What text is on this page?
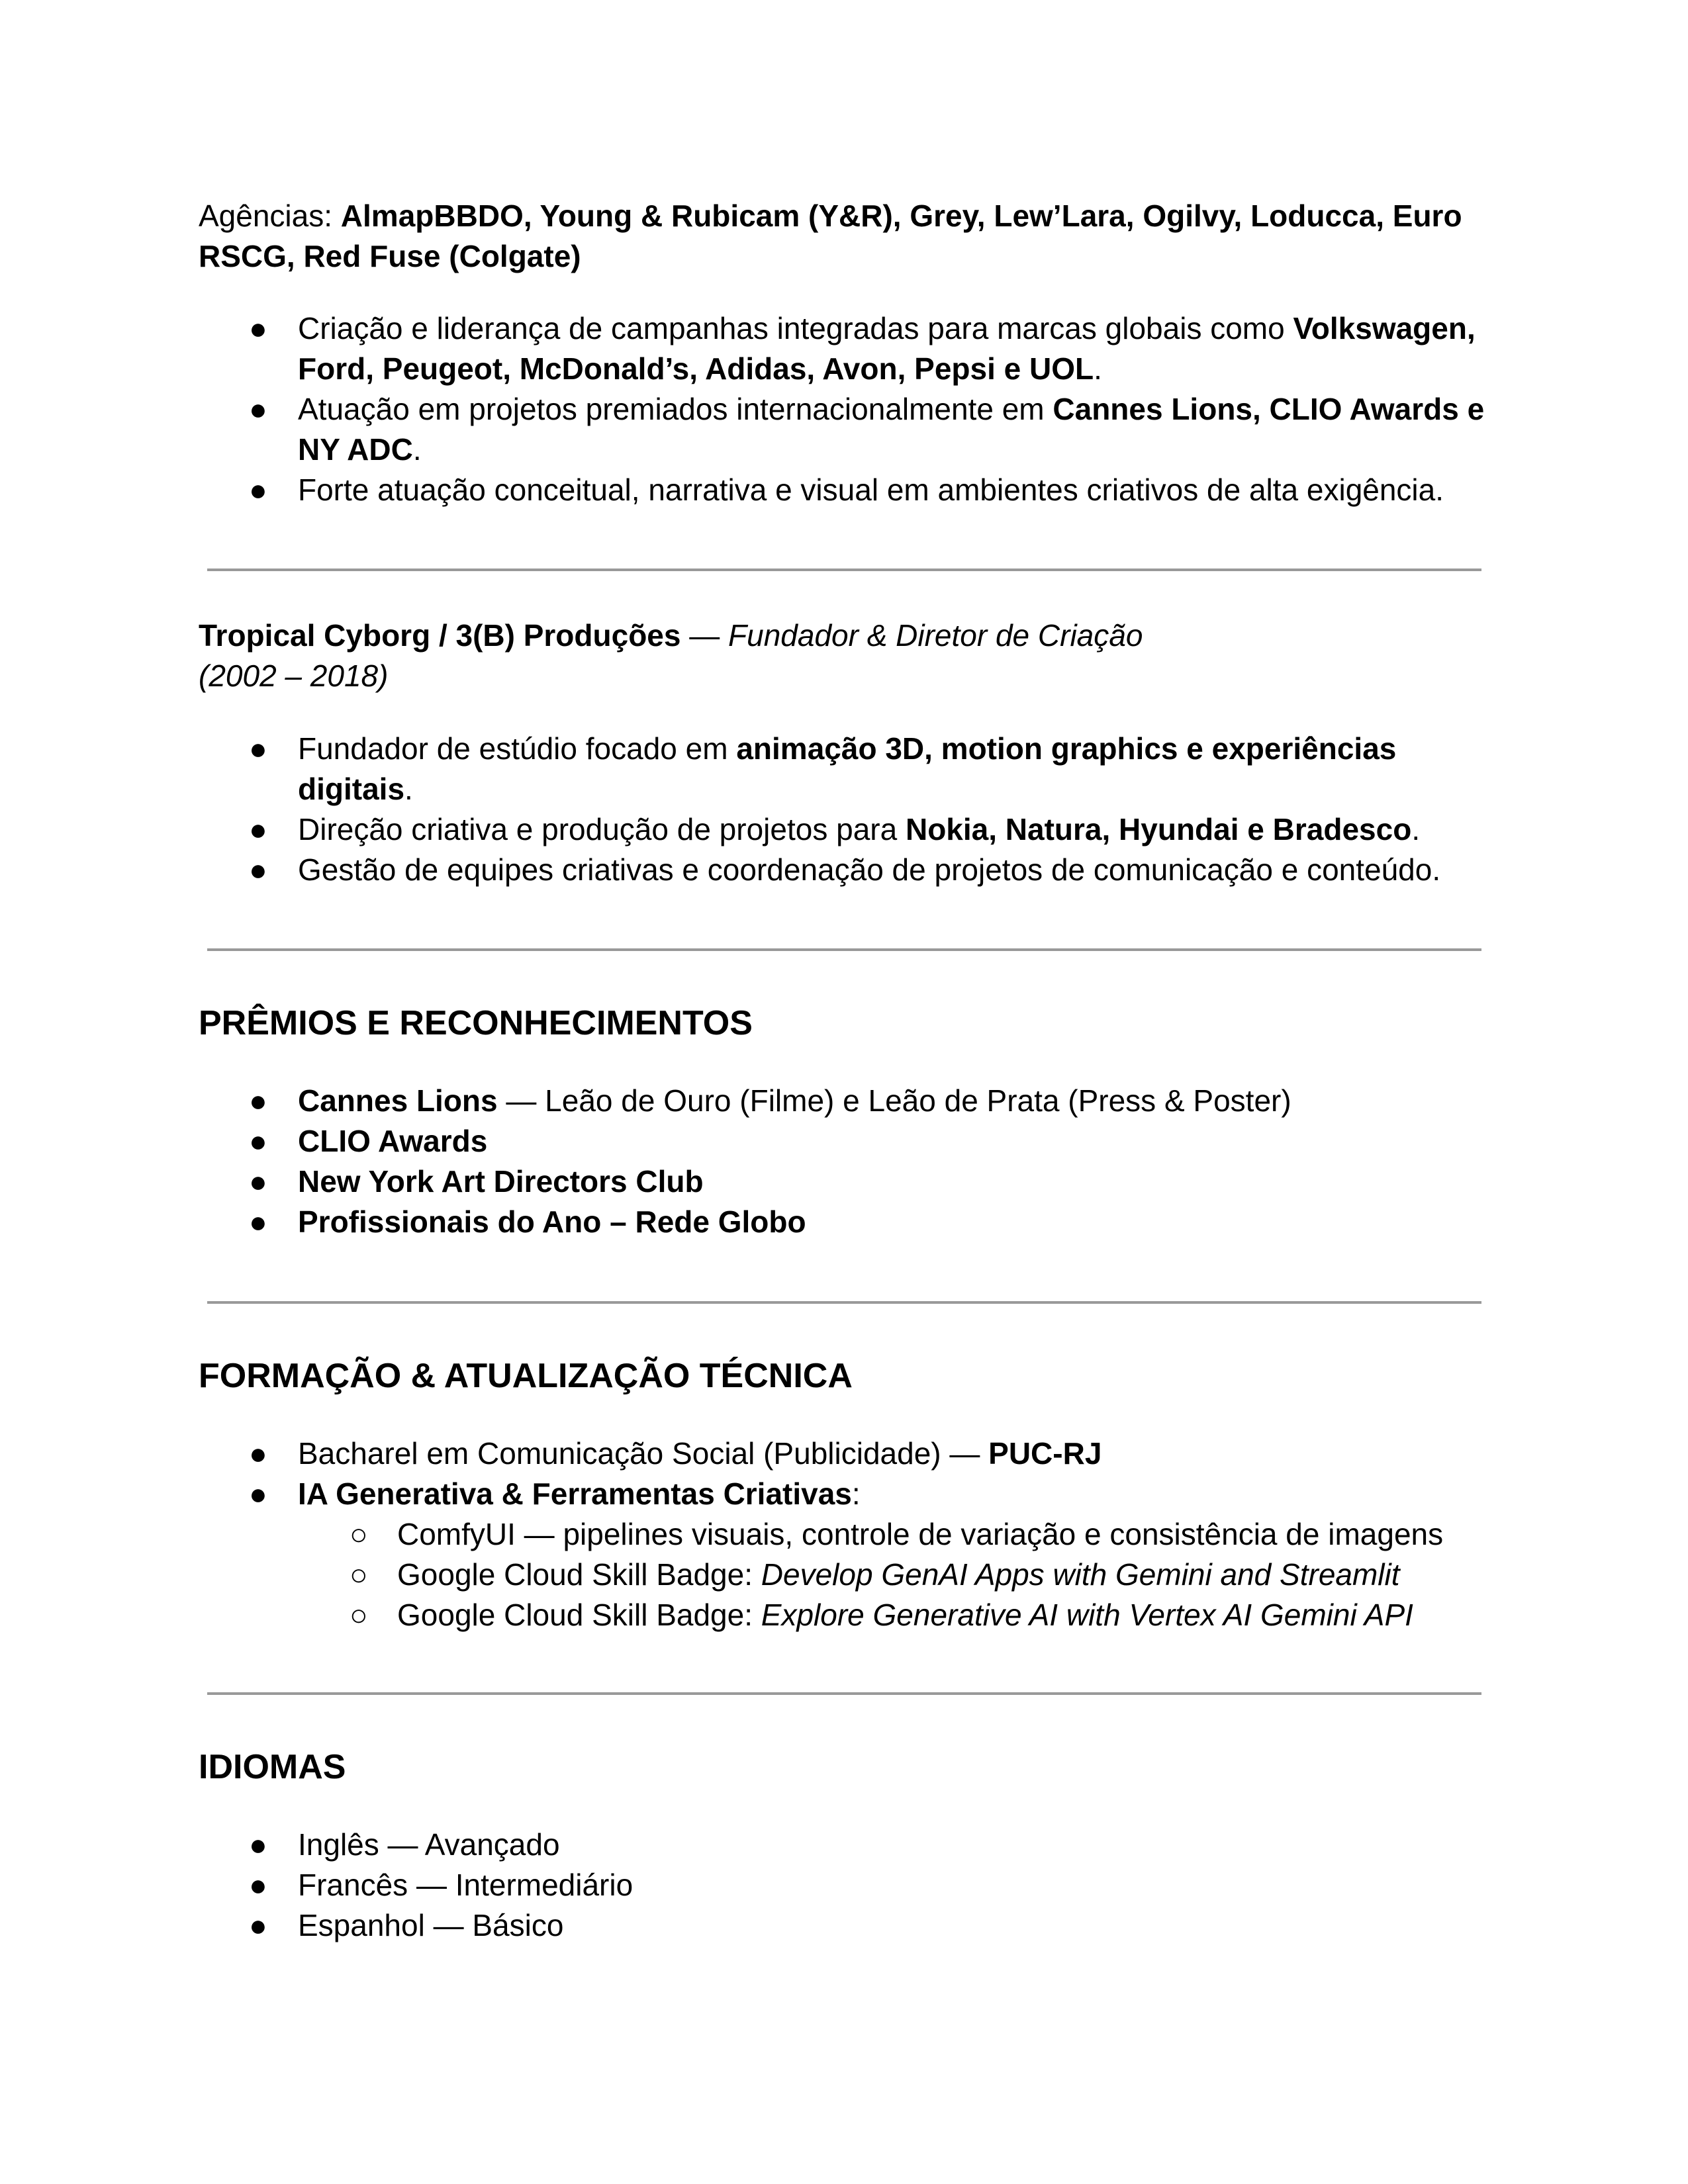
Agências: AlmapBBDO, Young & Rubicam (Y&R), Grey, Lew’Lara, Ogilvy, Loducca, Euro RSCG, Red Fuse (Colgate)

● Criação e liderança de campanhas integradas para marcas globais como Volkswagen, Ford, Peugeot, McDonald’s, Adidas, Avon, Pepsi e UOL.
● Atuação em projetos premiados internacionalmente em Cannes Lions, CLIO Awards e NY ADC.
● Forte atuação conceitual, narrativa e visual em ambientes criativos de alta exigência.

Tropical Cyborg / 3(B) Produções — Fundador & Diretor de Criação

(2002 – 2018)

● Fundador de estúdio focado em animação 3D, motion graphics e experiências digitais.
● Direção criativa e produção de projetos para Nokia, Natura, Hyundai e Bradesco.
● Gestão de equipes criativas e coordenação de projetos de comunicação e conteúdo.
PRÊMIOS E RECONHECIMENTOS
● Cannes Lions — Leão de Ouro (Filme) e Leão de Prata (Press & Poster)
● CLIO Awards
● New York Art Directors Club
● Profissionais do Ano – Rede Globo
FORMAÇÃO & ATUALIZAÇÃO TÉCNICA
● Bacharel em Comunicação Social (Publicidade) — PUC-RJ
● IA Generativa & Ferramentas Criativas:
○ ComfyUI — pipelines visuais, controle de variação e consistência de imagens
○ Google Cloud Skill Badge: Develop GenAI Apps with Gemini and Streamlit
○ Google Cloud Skill Badge: Explore Generative AI with Vertex AI Gemini API
IDIOMAS
● Inglês — Avançado
● Francês — Intermediário
● Espanhol — Básico
